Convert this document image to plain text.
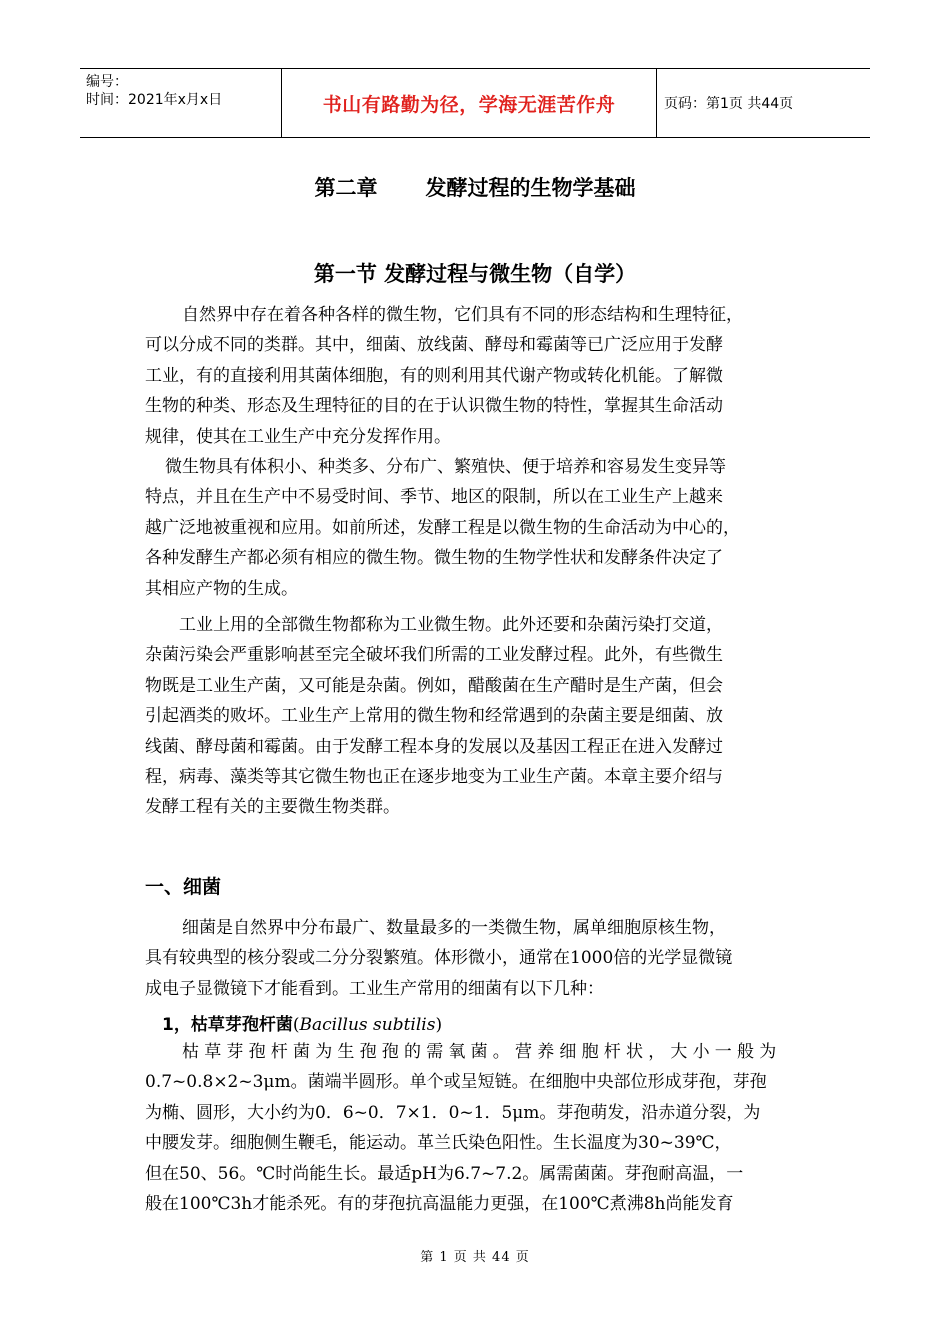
编号：
时间：2021年x月x日	书山有路勤为径，学海无涯苦作舟	页码：第1页 共44页
第二章 发酵过程的生物学基础
第一节 发酵过程与微生物（自学）
自然界中存在着各种各样的微生物，它们具有不同的形态结构和生理特征，
可以分成不同的类群。其中，细菌、放线菌、酵母和霉菌等已广泛应用于发酵
工业，有的直接利用其菌体细胞，有的则利用其代谢产物或转化机能。了解微
生物的种类、形态及生理特征的目的在于认识微生物的特性，掌握其生命活动
规律，使其在工业生产中充分发挥作用。
微生物具有体积小、种类多、分布广、繁殖快、便于培养和容易发生变异等
特点，并且在生产中不易受时间、季节、地区的限制，所以在工业生产上越来
越广泛地被重视和应用。如前所述，发酵工程是以微生物的生命活动为中心的，
各种发酵生产都必须有相应的微生物。微生物的生物学性状和发酵条件决定了
其相应产物的生成。
工业上用的全部微生物都称为工业微生物。此外还要和杂菌污染打交道，
杂菌污染会严重影响甚至完全破坏我们所需的工业发酵过程。此外，有些微生
物既是工业生产菌，又可能是杂菌。例如，醋酸菌在生产醋时是生产菌，但会
引起酒类的败坏。工业生产上常用的微生物和经常遇到的杂菌主要是细菌、放
线菌、酵母菌和霉菌。由于发酵工程本身的发展以及基因工程正在进入发酵过
程，病毒、藻类等其它微生物也正在逐步地变为工业生产菌。本章主要介绍与
发酵工程有关的主要微生物类群。
一、细菌
细菌是自然界中分布最广、数量最多的一类微生物，属单细胞原核生物，
具有较典型的核分裂或二分分裂繁殖。体形微小，通常在1000倍的光学显微镜
成电子显微镜下才能看到。工业生产常用的细菌有以下几种：
1，枯草芽孢杆菌(Bacillus subtilis)
枯草芽孢杆菌为生孢孢的需氧菌。营养细胞杆状，大小一般为
0.7~0.8×2~3μm。菌端半圆形。单个或呈短链。在细胞中央部位形成芽孢，芽孢
为椭、圆形，大小约为0．6~0．7×1．0~1．5μm。芽孢萌发，沿赤道分裂，为
中腰发芽。细胞侧生鞭毛，能运动。革兰氏染色阳性。生长温度为30~39℃，
但在50、56。℃时尚能生长。最适pH为6.7~7.2。属需菌菌。芽孢耐高温，一
般在100℃3h才能杀死。有的芽孢抗高温能力更强，在100℃煮沸8h尚能发育
第 1 页 共 44 页
